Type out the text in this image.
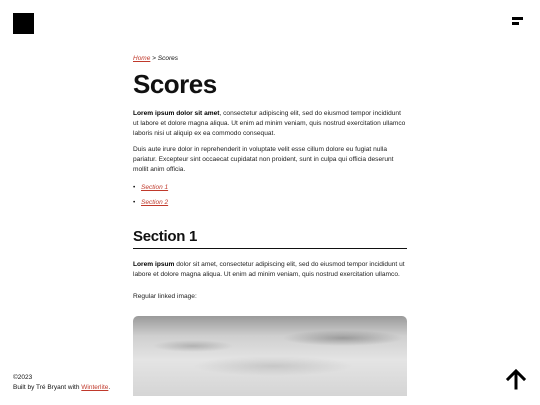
Home > Scores
Scores

Lorem ipsum dolor sit amet, consectetur adipiscing elit, sed do eiusmod tempor incididunt ut labore et dolore magna aliqua. Ut enim ad minim veniam, quis nostrud exercitation ullamco laboris nisi ut aliquip ex ea commodo consequat.

Duis aute irure dolor in reprehenderit in voluptate velit esse cillum dolore eu fugiat nulla pariatur. Excepteur sint occaecat cupidatat non proident, sunt in culpa qui officia deserunt mollit anim officia.

• Section 1
• Section 2
Section 1

Lorem ipsum dolor sit amet, consectetur adipiscing elit, sed do eiusmod tempor incididunt ut labore et dolore magna aliqua. Ut enim ad minim veniam, quis nostrud exercitation ullamco.

Regular linked image:

©2023
Built by Tré Bryant with Winterlite.
